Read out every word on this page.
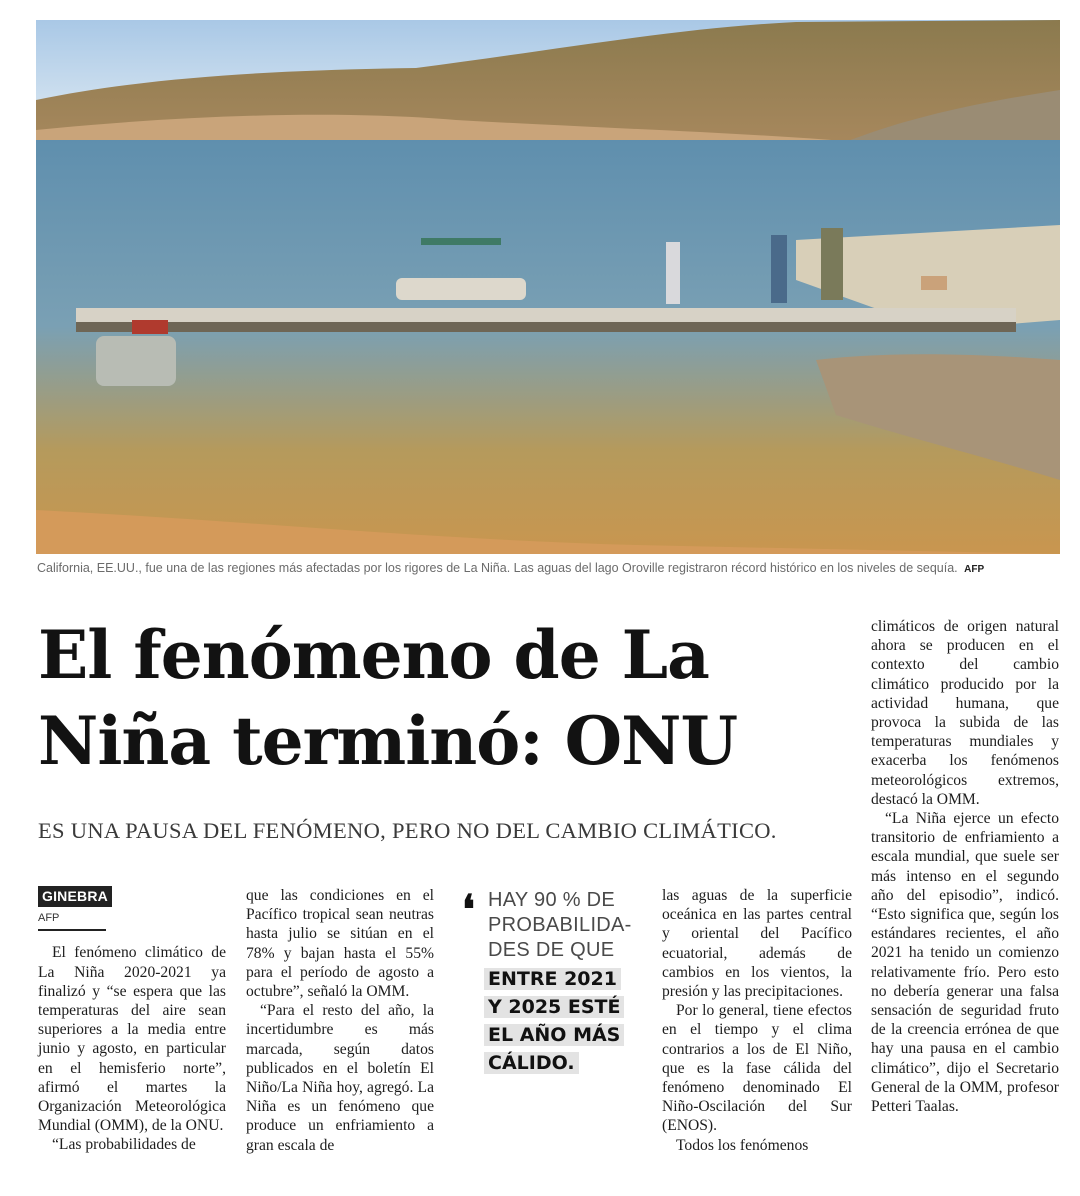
California, EE.UU., fue una de las regiones más afectadas por los rigores de La Niña. Las aguas del lago Oroville registraron récord histórico en los niveles de sequía. AFP
El fenómeno de La Niña terminó: ONU
ES UNA PAUSA DEL FENÓMENO, PERO NO DEL CAMBIO CLIMÁTICO.
GINEBRA
AFP

El fenómeno climático de La Niña 2020-2021 ya finalizó y “se espera que las temperaturas del aire sean superiores a la media entre junio y agosto, en particular en el hemisferio norte”, afirmó el martes la Organización Meteorológica Mundial (OMM), de la ONU.

“Las probabilidades de

que las condiciones en el Pacífico tropical sean neutras hasta julio se sitúan en el 78% y bajan hasta el 55% para el período de agosto a octubre”, señaló la OMM.

“Para el resto del año, la incertidumbre es más marcada, según datos publicados en el boletín El Niño/La Niña hoy, agregó. La Niña es un fenómeno que produce un enfriamiento a gran escala de

❛ HAY 90 % DE PROBABILIDA-DES DE QUE
ENTRE 2021 Y 2025 ESTÉ EL AÑO MÁS CÁLIDO.

las aguas de la superficie oceánica en las partes central y oriental del Pacífico ecuatorial, además de cambios en los vientos, la presión y las precipitaciones.

Por lo general, tiene efectos en el tiempo y el clima contrarios a los de El Niño, que es la fase cálida del fenómeno denominado El Niño-Oscilación del Sur (ENOS).

Todos los fenómenos

climáticos de origen natural ahora se producen en el contexto del cambio climático producido por la actividad humana, que provoca la subida de las temperaturas mundiales y exacerba los fenómenos meteorológicos extremos, destacó la OMM.

“La Niña ejerce un efecto transitorio de enfriamiento a escala mundial, que suele ser más intenso en el segundo año del episodio”, indicó. “Esto significa que, según los estándares recientes, el año 2021 ha tenido un comienzo relativamente frío. Pero esto no debería generar una falsa sensación de seguridad fruto de la creencia errónea de que hay una pausa en el cambio climático”, dijo el Secretario General de la OMM, profesor Petteri Taalas.
